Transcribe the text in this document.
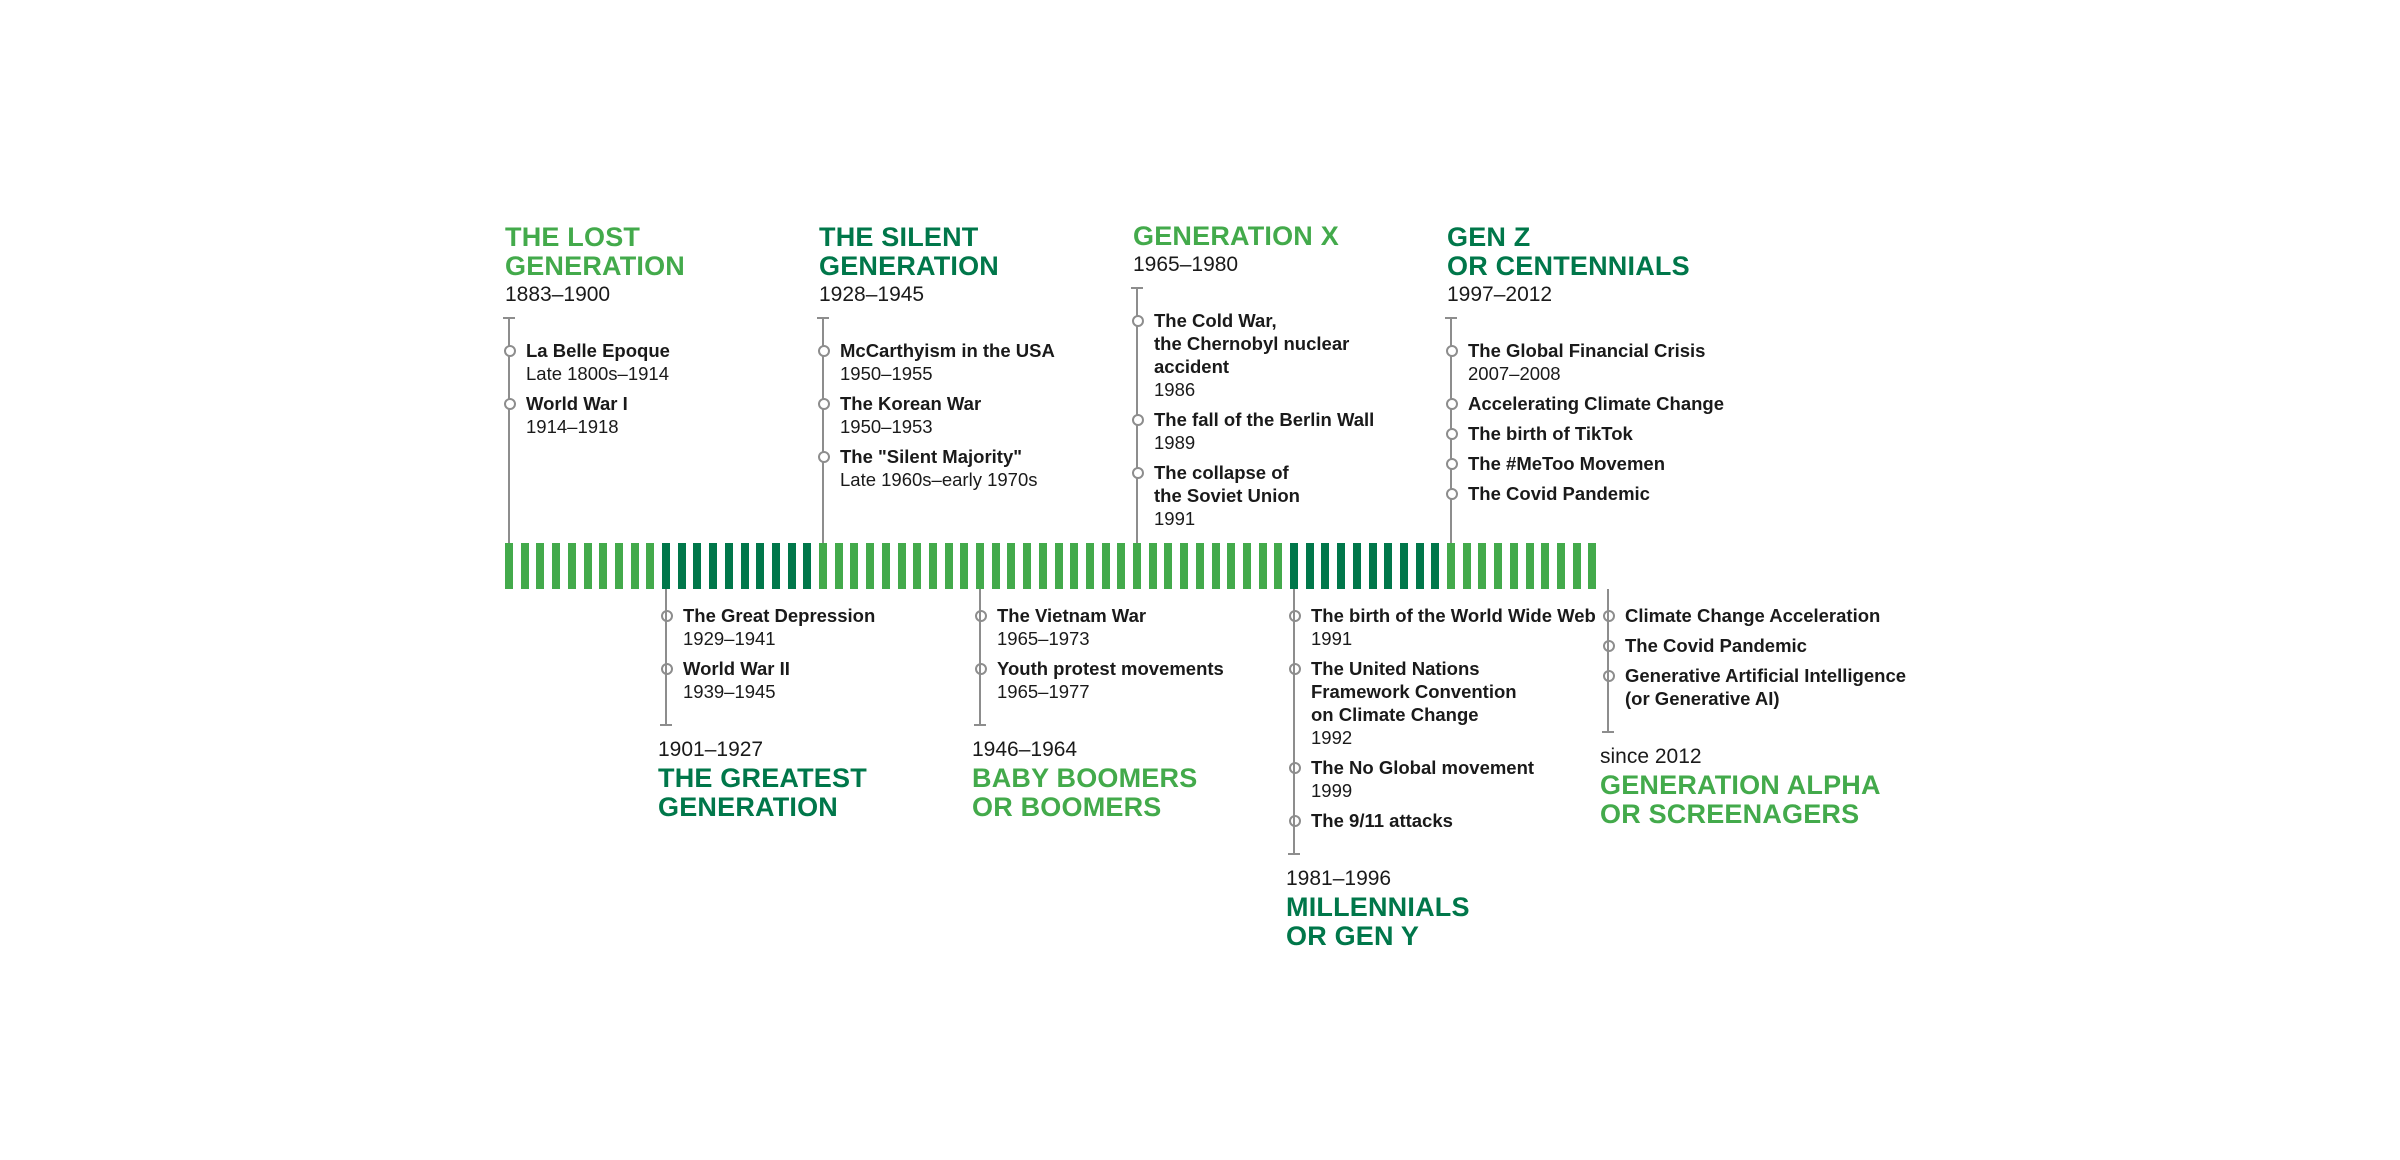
THE LOST
GENERATION
1883–1900
La Belle Epoque
Late 1800s–1914
World War I
1914–1918
The Great Depression
1929–1941
World War II
1939–1945
1901–1927
THE GREATEST
GENERATION
THE SILENT
GENERATION
1928–1945
McCarthyism in the USA
1950–1955
The Korean War
1950–1953
The "Silent Majority"
Late 1960s–early 1970s
The Vietnam War
1965–1973
Youth protest movements
1965–1977
1946–1964
BABY BOOMERS
OR BOOMERS
GENERATION X
1965–1980
The Cold War,
the Chernobyl nuclear
accident
1986
The fall of the Berlin Wall
1989
The collapse of
the Soviet Union
1991
The birth of the World Wide Web
1991
The United Nations
Framework Convention
on Climate Change
1992
The No Global movement
1999
The 9/11 attacks
1981–1996
MILLENNIALS
OR GEN Y
GEN Z
OR CENTENNIALS
1997–2012
The Global Financial Crisis
2007–2008
Accelerating Climate Change
The birth of TikTok
The #MeToo Movemen
The Covid Pandemic
Climate Change Acceleration
The Covid Pandemic
Generative Artificial Intelligence
(or Generative AI)
since 2012
GENERATION ALPHA
OR SCREENAGERS
